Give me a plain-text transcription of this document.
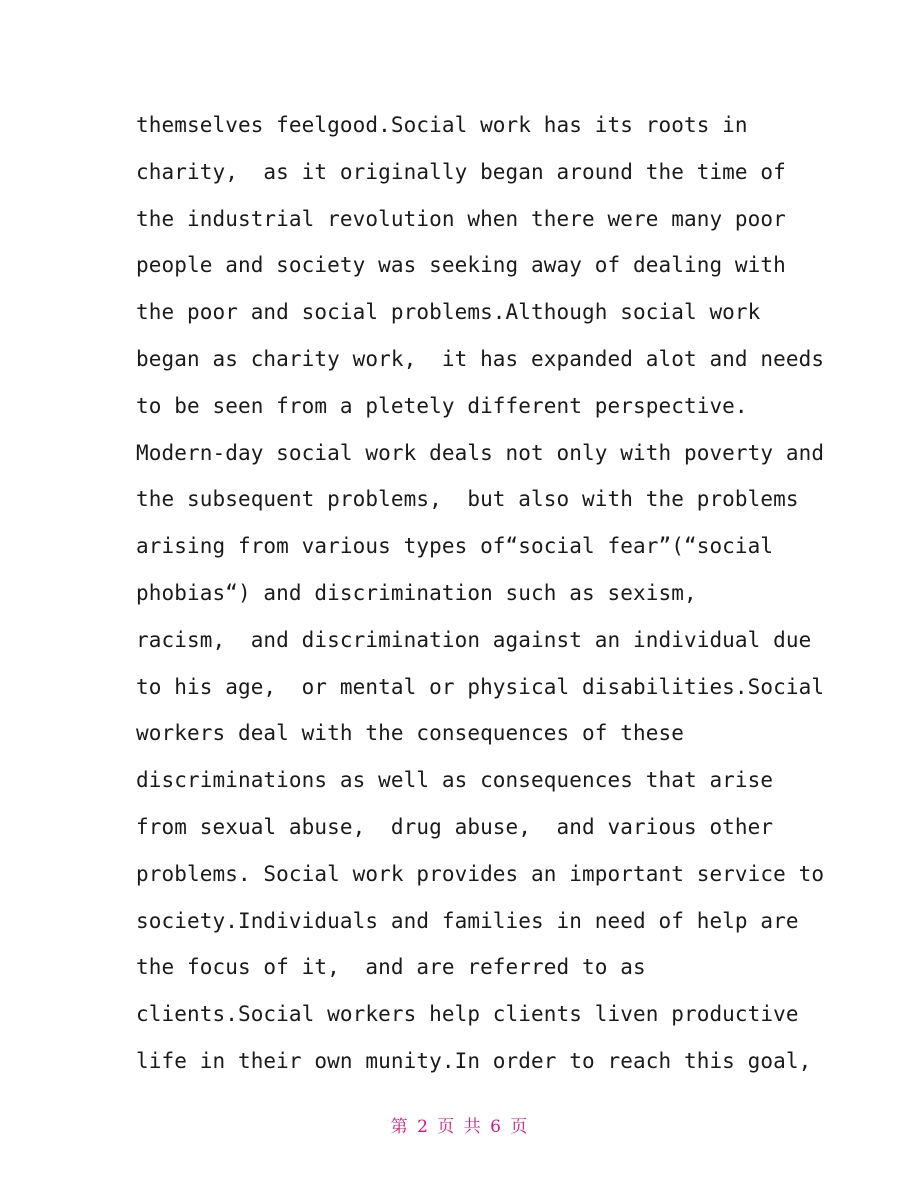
themselves feelgood.Social work has its roots in
charity,  as it originally began around the time of
the industrial revolution when there were many poor
people and society was seeking away of dealing with
the poor and social problems.Although social work
began as charity work,  it has expanded alot and needs
to be seen from a pletely different perspective.
Modern-day social work deals not only with poverty and
the subsequent problems,  but also with the problems
arising from various types of“social fear”(“social
phobias“) and discrimination such as sexism,
racism,  and discrimination against an individual due
to his age,  or mental or physical disabilities.Social
workers deal with the consequences of these
discriminations as well as consequences that arise
from sexual abuse,  drug abuse,  and various other
problems. Social work provides an important service to
society.Individuals and families in need of help are
the focus of it,  and are referred to as
clients.Social workers help clients liven productive
life in their own munity.In order to reach this goal,
第 2 页 共 6 页
